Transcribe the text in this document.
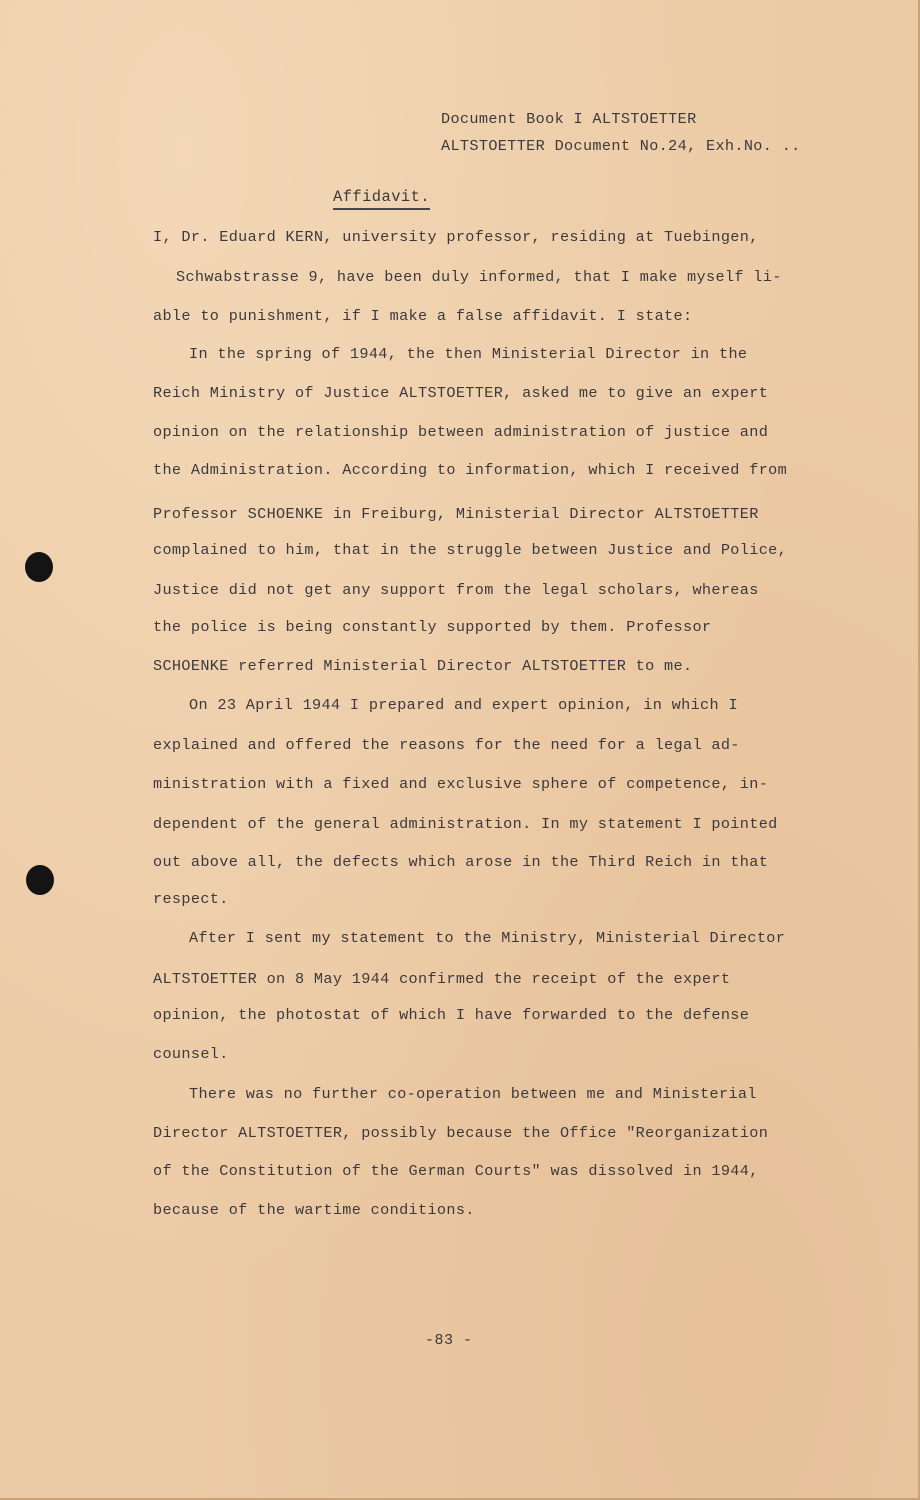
Document Book I ALTSTOETTER
ALTSTOETTER Document No.24, Exh.No. ..
Affidavit.
I, Dr. Eduard KERN, university professor, residing at Tuebingen,
Schwabstrasse 9, have been duly informed, that I make myself li-
able to punishment, if I make a false affidavit. I state:
In the spring of 1944, the then Ministerial Director in the
Reich Ministry of Justice ALTSTOETTER, asked me to give an expert
opinion on the relationship between administration of justice and
the Administration. According to information, which I received from
Professor SCHOENKE in Freiburg, Ministerial Director ALTSTOETTER
complained to him, that in the struggle between Justice and Police,
Justice did not get any support from the legal scholars, whereas
the police is being constantly supported by them. Professor
SCHOENKE referred Ministerial Director ALTSTOETTER to me.
On 23 April 1944 I prepared and expert opinion, in which I
explained and offered the reasons for the need for a legal ad-
ministration with a fixed and exclusive sphere of competence, in-
dependent of the general administration. In my statement I pointed
out above all, the defects which arose in the Third Reich in that
respect.
After I sent my statement to the Ministry, Ministerial Director
ALTSTOETTER on 8 May 1944 confirmed the receipt of the expert
opinion, the photostat of which I have forwarded to the defense
counsel.
There was no further co-operation between me and Ministerial
Director ALTSTOETTER, possibly because the Office "Reorganization
of the Constitution of the German Courts" was dissolved in 1944,
because of the wartime conditions.
-83 -
